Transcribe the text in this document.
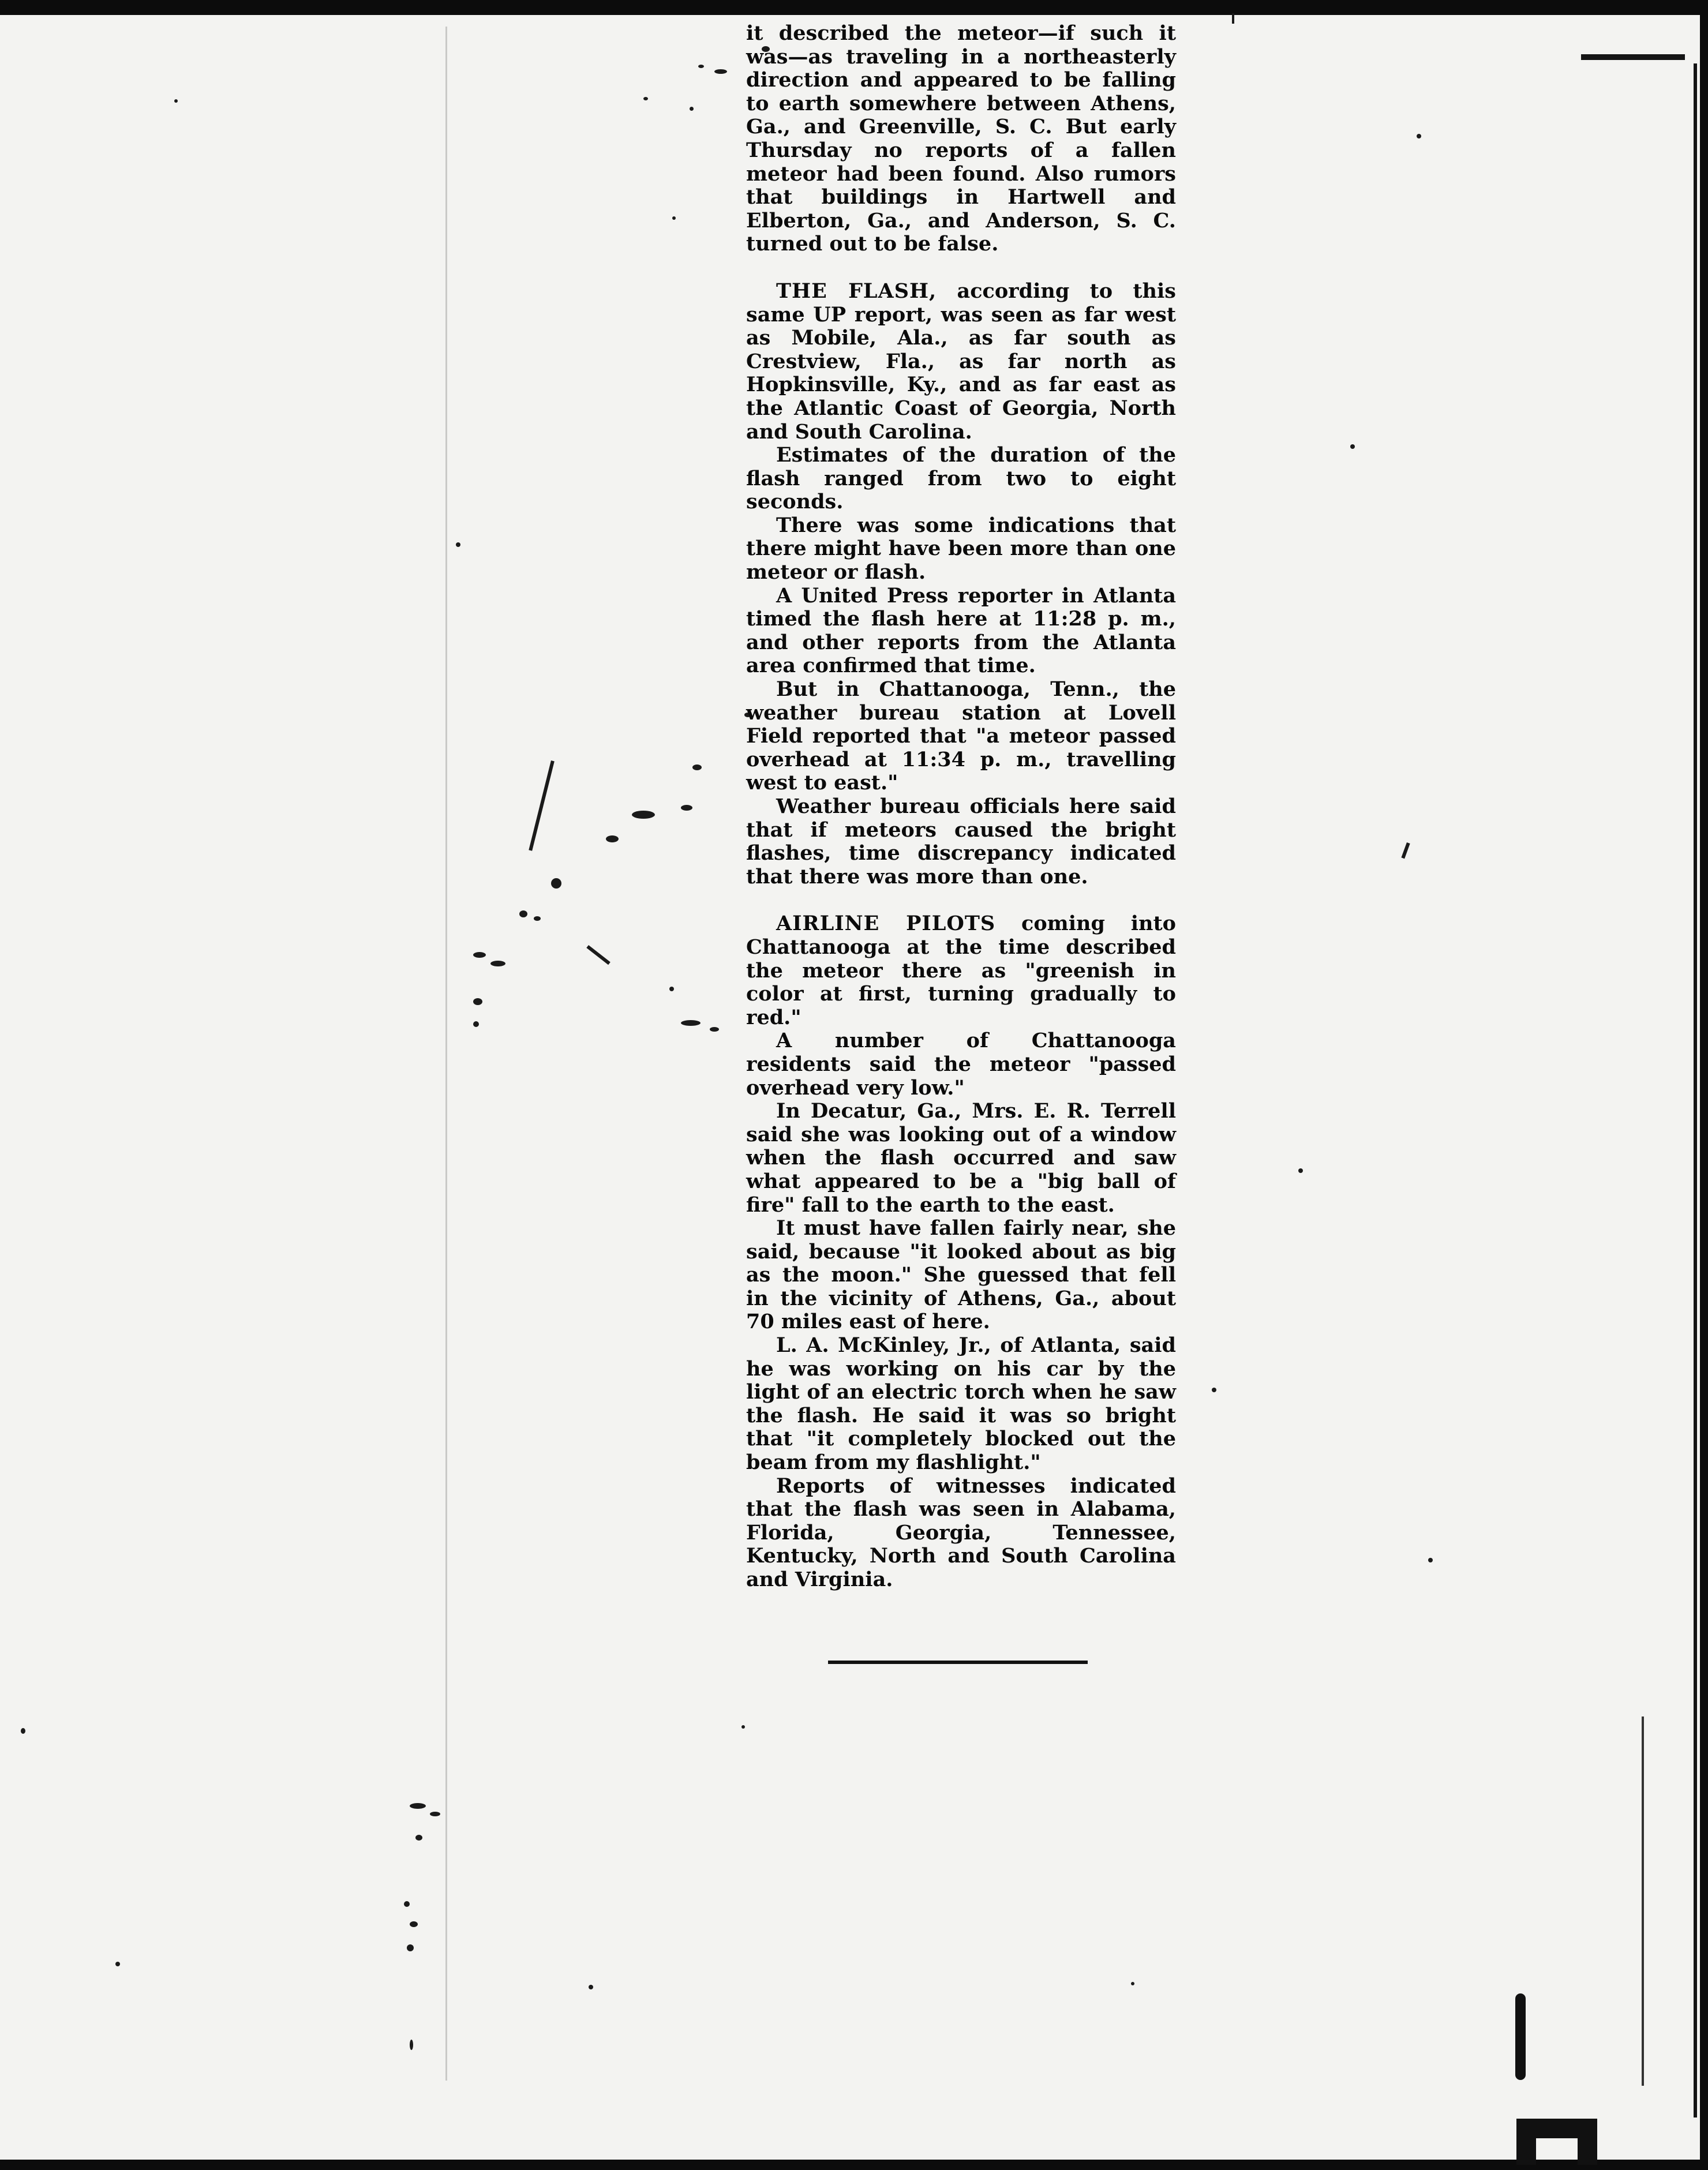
it described the meteor—if such it was—as traveling in a northeasterly direction and appeared to be falling to earth somewhere between Athens, Ga., and Greenville, S. C. But early Thursday no reports of a fallen meteor had been found. Also rumors that buildings in Hartwell and Elberton, Ga., and Anderson, S. C. turned out to be false.

THE FLASH, according to this same UP report, was seen as far west as Mobile, Ala., as far south as Crestview, Fla., as far north as Hopkinsville, Ky., and as far east as the Atlantic Coast of Georgia, North and South Carolina.

Estimates of the duration of the flash ranged from two to eight seconds.

There was some indications that there might have been more than one meteor or flash.

A United Press reporter in Atlanta timed the flash here at 11:28 p. m., and other reports from the Atlanta area confirmed that time.

But in Chattanooga, Tenn., the weather bureau station at Lovell Field reported that "a meteor passed overhead at 11:34 p. m., travelling west to east."

Weather bureau officials here said that if meteors caused the bright flashes, time discrepancy indicated that there was more than one.

AIRLINE PILOTS coming into Chattanooga at the time described the meteor there as "greenish in color at first, turning gradually to red."

A number of Chattanooga residents said the meteor "passed overhead very low."

In Decatur, Ga., Mrs. E. R. Terrell said she was looking out of a window when the flash occurred and saw what appeared to be a "big ball of fire" fall to the earth to the east.

It must have fallen fairly near, she said, because "it looked about as big as the moon." She guessed that fell in the vicinity of Athens, Ga., about 70 miles east of here.

L. A. McKinley, Jr., of Atlanta, said he was working on his car by the light of an electric torch when he saw the flash. He said it was so bright that "it completely blocked out the beam from my flashlight."

Reports of witnesses indicated that the flash was seen in Alabama, Florida, Georgia, Tennessee, Kentucky, North and South Carolina and Virginia.
